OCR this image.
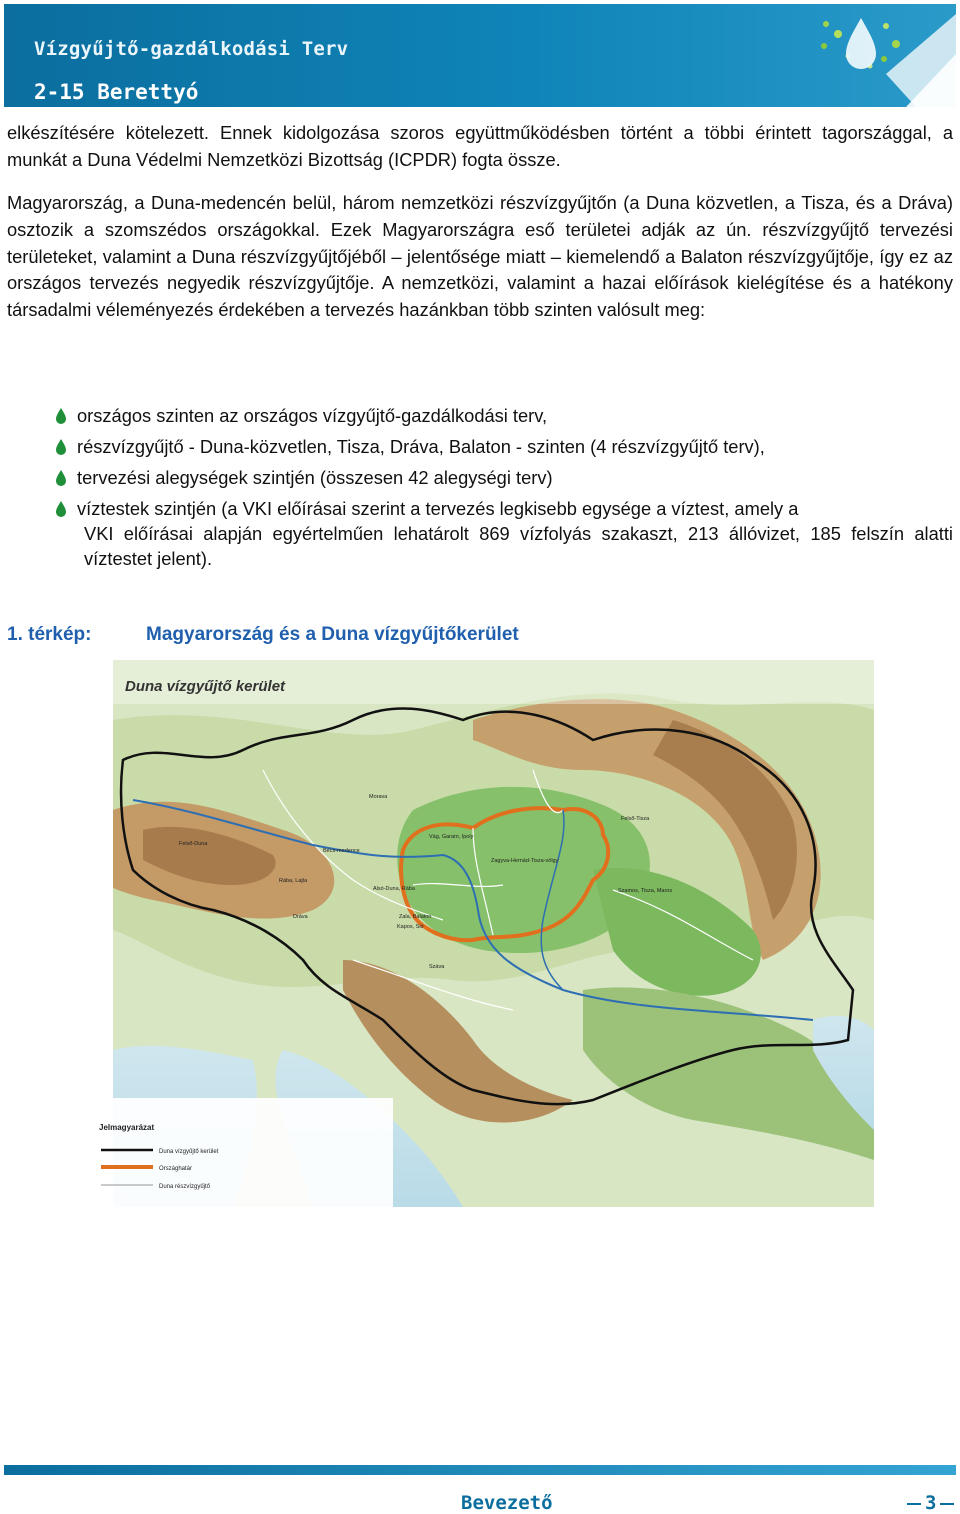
Vízgyűjtő-gazdálkodási Terv
2-15 Berettyó
elkészítésére kötelezett. Ennek kidolgozása szoros együttműködésben történt a többi érintett tagországgal, a munkát a Duna Védelmi Nemzetközi Bizottság (ICPDR) fogta össze.
Magyarország, a Duna-medencén belül, három nemzetközi részvízgyűjtőn (a Duna közvetlen, a Tisza, és a Dráva) osztozik a szomszédos országokkal. Ezek Magyarországra eső területei adják az ún. részvízgyűjtő tervezési területeket, valamint a Duna részvízgyűjtőjéből – jelentősége miatt – kiemelendő a Balaton részvízgyűjtője, így ez az országos tervezés negyedik részvízgyűjtője. A nemzetközi, valamint a hazai előírások kielégítése és a hatékony társadalmi véleményezés érdekében a tervezés hazánkban több szinten valósult meg:
országos szinten az országos vízgyűjtő-gazdálkodási terv,
részvízgyűjtő - Duna-közvetlen, Tisza, Dráva, Balaton - szinten (4 részvízgyűjtő terv),
tervezési alegységek szintjén (összesen 42 alegységi terv)
víztestek szintjén (a VKI előírásai szerint a tervezés legkisebb egysége a víztest, amely a
VKI előírásai alapján egyértelműen lehatárolt 869 vízfolyás szakaszt, 213 állóvizet, 185 felszín alatti víztestet jelent).
1. térkép:	Magyarország és a Duna vízgyűjtőkerület
Duna vízgyűjtő kerület
Morava
Felső-Duna
Bécs-medence
Vág, Garam, Ipoly
Felső-Tisza
Zagyva-Hernád-Tisza-völgy
Szamos, Tisza, Maros
Rába, Lajta
Alsó-Duna, Rába
Dráva	Zala, Balaton
Kapos, Sió
Száva
Jelmagyarázat
Duna vízgyűjtő kerület
Országhatár
Duna részvízgyűjtő
Bevezető	3
